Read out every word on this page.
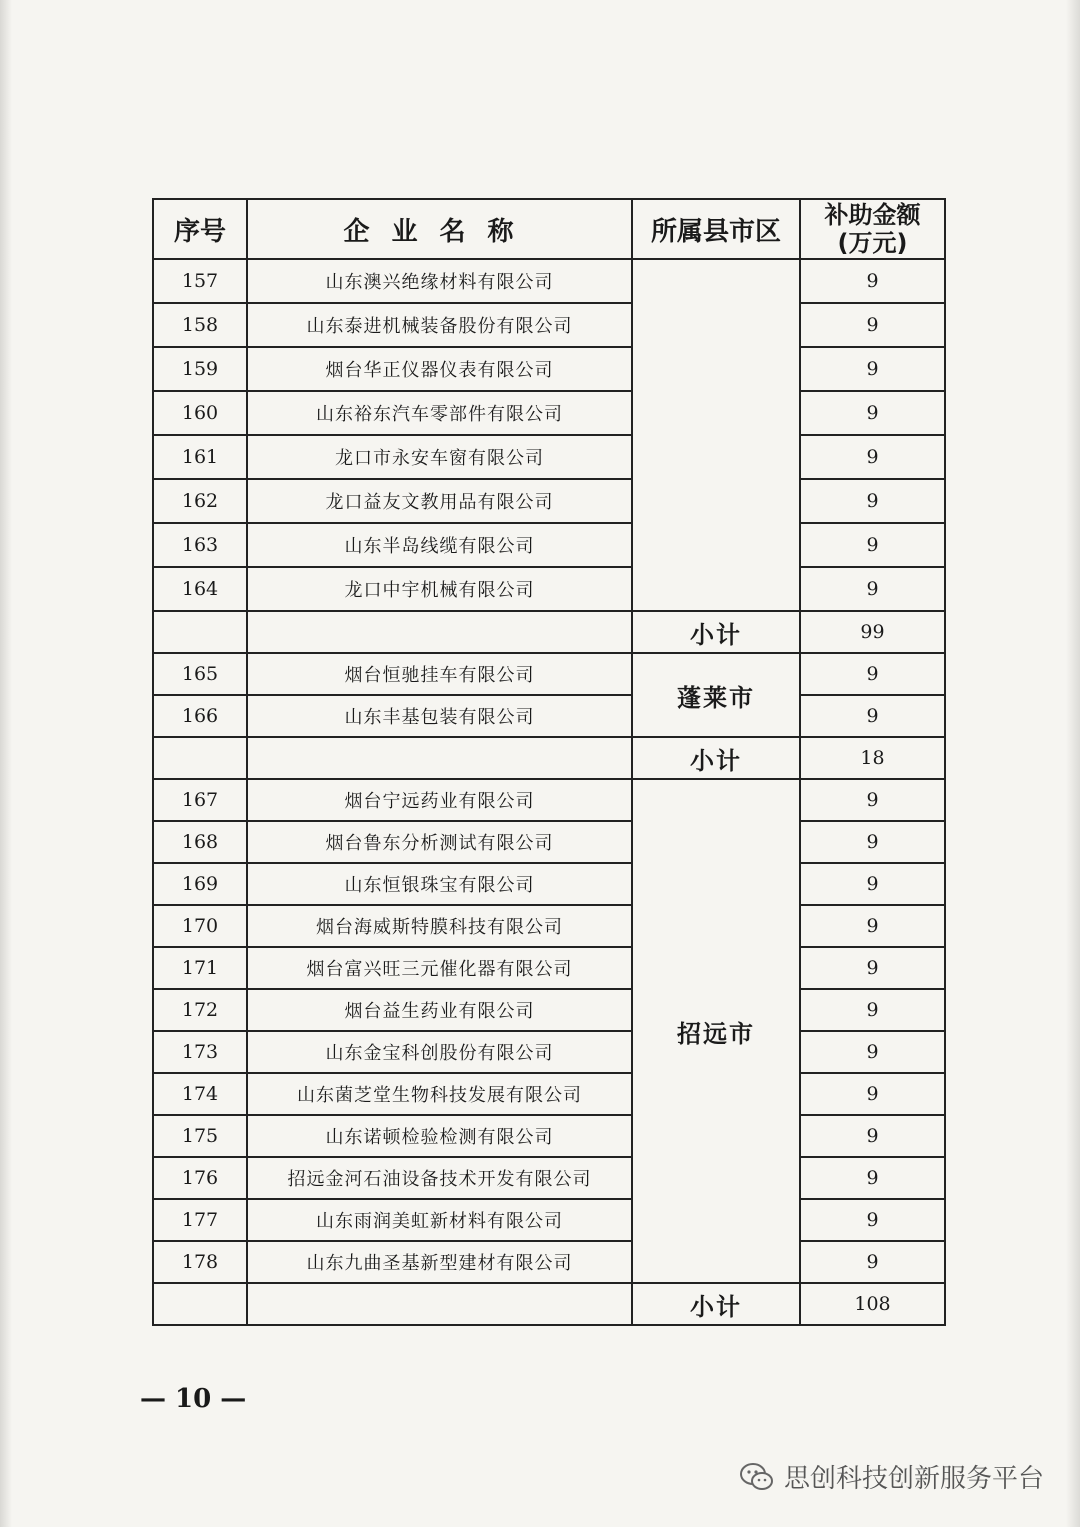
序号	企业名称	所属县市区	补助金额(万元)
157	山东澳兴绝缘材料有限公司		9
158	山东泰进机械装备股份有限公司		9
159	烟台华正仪器仪表有限公司		9
160	山东裕东汽车零部件有限公司		9
161	龙口市永安车窗有限公司		9
162	龙口益友文教用品有限公司		9
163	山东半岛线缆有限公司		9
164	龙口中宇机械有限公司		9
		小计	99
165	烟台恒驰挂车有限公司	蓬莱市	9
166	山东丰基包装有限公司		9
		小计	18
167	烟台宁远药业有限公司	招远市	9
168	烟台鲁东分析测试有限公司		9
169	山东恒银珠宝有限公司		9
170	烟台海威斯特膜科技有限公司		9
171	烟台富兴旺三元催化器有限公司		9
172	烟台益生药业有限公司		9
173	山东金宝科创股份有限公司		9
174	山东菌芝堂生物科技发展有限公司		9
175	山东诺顿检验检测有限公司		9
176	招远金河石油设备技术开发有限公司		9
177	山东雨润美虹新材料有限公司		9
178	山东九曲圣基新型建材有限公司		9
		小计	108
— 10 —
思创科技创新服务平台
